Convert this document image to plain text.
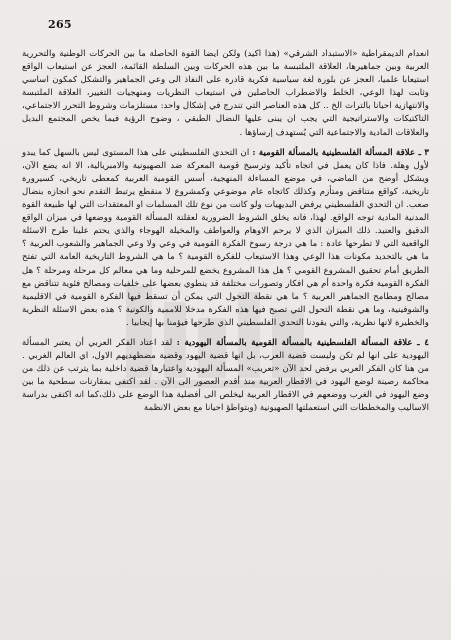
265

انعدام الديمقراطية «الاستبداد الشرقي» (هذا اكيد) ولكن ايضا القوة الحاصلة ما بين الحركات الوطنية والتحررية العربية وبين جماهيرها، العلاقة الملتبسة ما بين هذه الحركات وبين السلطة القائمة، العجز عن استيعاب الواقع استيعابا علميا، العجز عن بلورة لغة سياسية فكرية قادرة على النفاذ الى وعي الجماهير والتشكل كمكون اساسي وثابت لهذا الوعي، الخلط والاضطراب الحاصلين في استيعاب النظريات ومنهجيات التغيير، العلاقة الملتبسة والانتهازية احيانا بالتراث الخ .. كل هذه العناصر التي تندرج في إشكال واحد: مستلزمات وشروط التحرر الاجتماعي، التاكتيكات والاستراتيجية التي يجب ان يبنى عليها النضال الطبقي ، وضوح الرؤية فيما يخص المجتمع البديل والعلاقات المادية والاجتماعية التي يُستهدف إرساؤها .

٣ ـ علاقة المسألة الفلسطينية بالمسألة القومية : ان التحدي الفلسطيني على هذا المستوى ليس بالسهل كما يبدو لأول وهلة. فاذا كان يعمل في اتجاه تأكيد وترسيخ قومية المعركة ضد الصهيونية والامبريالية، الا انه يضع الآن، ويشكل أوضح من الماضي، في موضع المساءلة المنهجية، أسس القومية العربية كمعطى تاريخي، كسيرورة تاريخية، كواقع متناقض ومتأزم وكذلك كاتجاه عام موضوعي وكمشروع لا منقطع يرتبط التقدم نحو انجازه بنضال صعب. ان التحدي الفلسطيني يرفض البديهيات ولو كانت من نوع تلك المسلمات او المعتقدات التي لها طبيعة القوة المدنية المادية توجه الواقع. لهذا، فانه يخلق الشروط الضرورية لعقلنة المسألة القومية ووضعها في ميزان الواقع الدقيق والعنيد. ذلك الميزان الذي لا يرحم الاوهام والعواطف والمخيلة الهوجاء والذي يحتم علينا طرح الاسئلة الواقعية التي لا تطرحها عادة : ما هي درجة رسوخ الفكرة القومية في وعي ولا وعي الجماهير والشعوب العربية ؟ ما هي بالتحديد مكونات هذا الوعي وهذا الاستيعاب للفكرة القومية ؟ ما هي الشروط التاريخية العامة التي تفتح الطريق أمام تحقيق المشروع القومي ؟ هل هذا المشروع يخضع للمرحلية وما هي معالم كل مرحلة ومرحلة ؟ هل الفكرة القومية فكرة واحدة أم هي افكار وتصورات مختلفة قد ينطوي بعضها على خلفيات ومصالح فئوية تتناقض مع مصالح ومطامح الجماهير العربية ؟ ما هي نقطة التحول التي يمكن أن تسقط فيها الفكرة القومية في الاقليمية والشوفينية، وما هي نقطة التحول التي تصبح فيها هذه الفكرة مدخلا للاممية والكونية ؟ هذه بعض الاسئلة النظرية والخطيرة لانها نظرية، والتي يقودنا التحدي الفلسطيني الذي طرحها فيؤمنا بها إيجابيا .

٤ ـ علاقة المسألة الفلسطينية بالمسألة القومية بالمسألة اليهودية : لقد اعتاد الفكر العربي أن يعتبر المسألة اليهودية على انها لم تكن وليست قضية العرب، بل انها قضية اليهود وقضية مضطهديهم الاول، اي العالم الغربي . من هنا كان الفكر العربي يرفض لحد الآن «تعريب» المسألة اليهودية واعتبارها قضية داخلية بما يترتب عن ذلك من محاكمة رصينة لوضع اليهود في الاقطار العربية منذ أقدم العصور الى الآن . لقد اكتفى بمقارنات سطحية ما بين وضع اليهود في الغرب ووضعهم في الاقطار العربية ليخلص الى أفضلية هذا الوضع على ذلك،كما انه اكتفى بدراسة الاساليب والمخططات التي استعملتها الصهيونية (وبتواطؤ احيانا مع بعض الانظمة
